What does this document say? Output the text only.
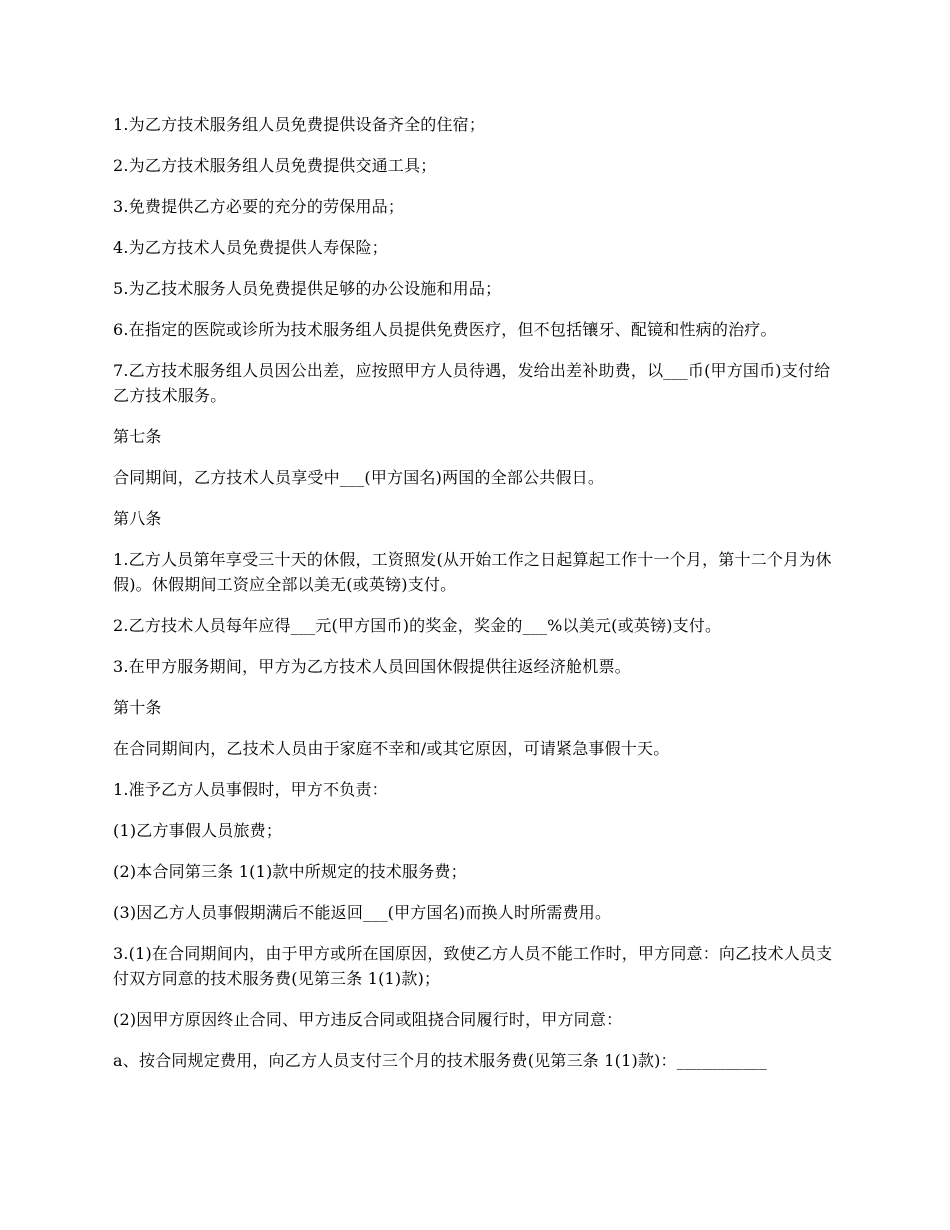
1.为乙方技术服务组人员免费提供设备齐全的住宿；

2.为乙方技术服务组人员免费提供交通工具；

3.免费提供乙方必要的充分的劳保用品；

4.为乙方技术人员免费提供人寿保险；

5.为乙技术服务人员免费提供足够的办公设施和用品；

6.在指定的医院或诊所为技术服务组人员提供免费医疗，但不包括镶牙、配镜和性病的治疗。

7.乙方技术服务组人员因公出差，应按照甲方人员待遇，发给出差补助费，以___币(甲方国币)支付给乙方技术服务。

第七条

合同期间，乙方技术人员享受中___(甲方国名)两国的全部公共假日。

第八条

1.乙方人员第年享受三十天的休假，工资照发(从开始工作之日起算起工作十一个月，第十二个月为休假)。休假期间工资应全部以美无(或英镑)支付。

2.乙方技术人员每年应得___元(甲方国币)的奖金，奖金的___%以美元(或英镑)支付。

3.在甲方服务期间，甲方为乙方技术人员回国休假提供往返经济舱机票。

第十条

在合同期间内，乙技术人员由于家庭不幸和/或其它原因，可请紧急事假十天。

1.准予乙方人员事假时，甲方不负责：

(1)乙方事假人员旅费；

(2)本合同第三条 1(1)款中所规定的技术服务费；

(3)因乙方人员事假期满后不能返回___(甲方国名)而换人时所需费用。

3.(1)在合同期间内，由于甲方或所在国原因，致使乙方人员不能工作时，甲方同意：向乙技术人员支付双方同意的技术服务费(见第三条 1(1)款)；

(2)因甲方原因终止合同、甲方违反合同或阻挠合同履行时，甲方同意：

a、按合同规定费用，向乙方人员支付三个月的技术服务费(见第三条 1(1)款)：___________
